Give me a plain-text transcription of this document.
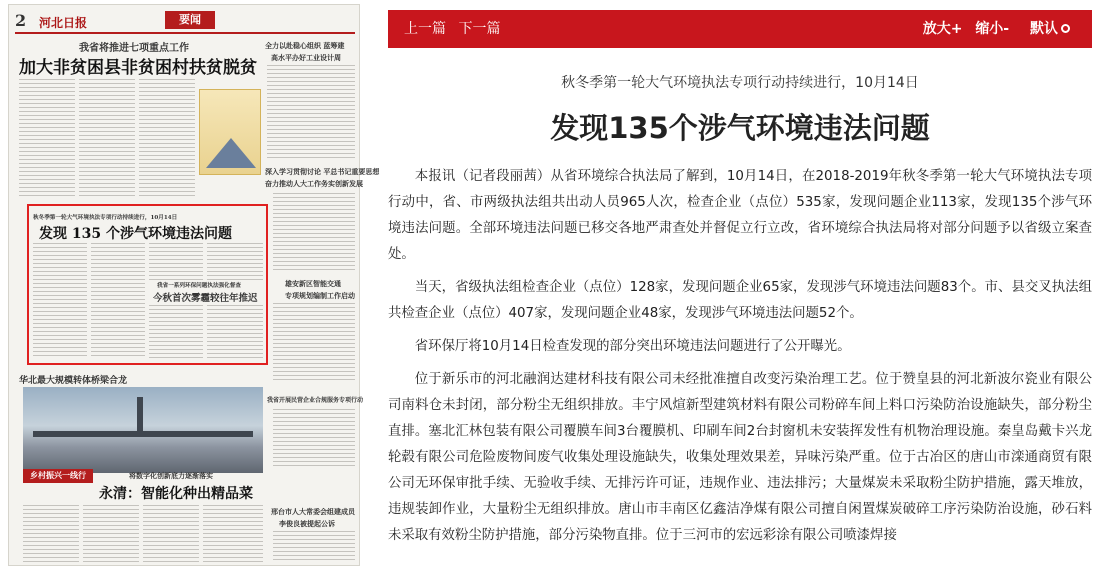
2 河北日报	要闻
我省将推进七项重点工作
加大非贫困县非贫困村扶贫脱贫
全力以赴稳心组织 蓝筹建
高水平办好工业设计周
深入学习贯彻讨论 平总书记重要思想
奋力推动人大工作务实创新发展
雄安新区智能交通
专项规划编制工作启动
秋冬季第一轮大气环境执法专项行动持续进行，10月14日
发现 135 个涉气环境违法问题
我省一系列环保问题执法强化督查
今秋首次雾霾较往年推迟
华北最大规模转体桥梁合龙
我省开展民营企业合规服务专项行动
乡村振兴一线行	将数字化创新底力逐渐落实
永清：智能化种出精品菜
邢台市人大常委会组建成员
李俊良被提起公诉
上一篇 下一篇	放大+ 缩小- 默认
秋冬季第一轮大气环境执法专项行动持续进行，10月14日
发现135个涉气环境违法问题

本报讯（记者段丽茜）从省环境综合执法局了解到，10月14日，在2018-2019年秋冬季第一轮大气环境执法专项行动中，省、市两级执法组共出动人员965人次，检查企业（点位）535家，发现问题企业113家，发现135个涉气环境违法问题。全部环境违法问题已移交各地严肃查处并督促立行立改，省环境综合执法局将对部分问题予以省级立案查处。

当天，省级执法组检查企业（点位）128家，发现问题企业65家，发现涉气环境违法问题83个。市、县交叉执法组共检查企业（点位）407家，发现问题企业48家，发现涉气环境违法问题52个。

省环保厅将10月14日检查发现的部分突出环境违法问题进行了公开曝光。

位于新乐市的河北融润达建材科技有限公司未经批准擅自改变污染治理工艺。位于赞皇县的河北新波尔瓷业有限公司南料仓未封闭，部分粉尘无组织排放。丰宁风煊新型建筑材料有限公司粉碎车间上料口污染防治设施缺失，部分粉尘直排。塞北汇林包装有限公司覆膜车间3台覆膜机、印刷车间2台封窗机未安装挥发性有机物治理设施。秦皇岛戴卡兴龙轮毂有限公司危险废物间废气收集处理设施缺失，收集处理效果差，异味污染严重。位于古冶区的唐山市滦通商贸有限公司无环保审批手续、无验收手续、无排污许可证，违规作业、违法排污；大量煤炭未采取粉尘防护措施，露天堆放，违规装卸作业，大量粉尘无组织排放。唐山市丰南区亿鑫洁净煤有限公司擅自闲置煤炭破碎工序污染防治设施，砂石料未采取有效粉尘防护措施，部分污染物直排。位于三河市的宏远彩涂有限公司喷漆焊接
